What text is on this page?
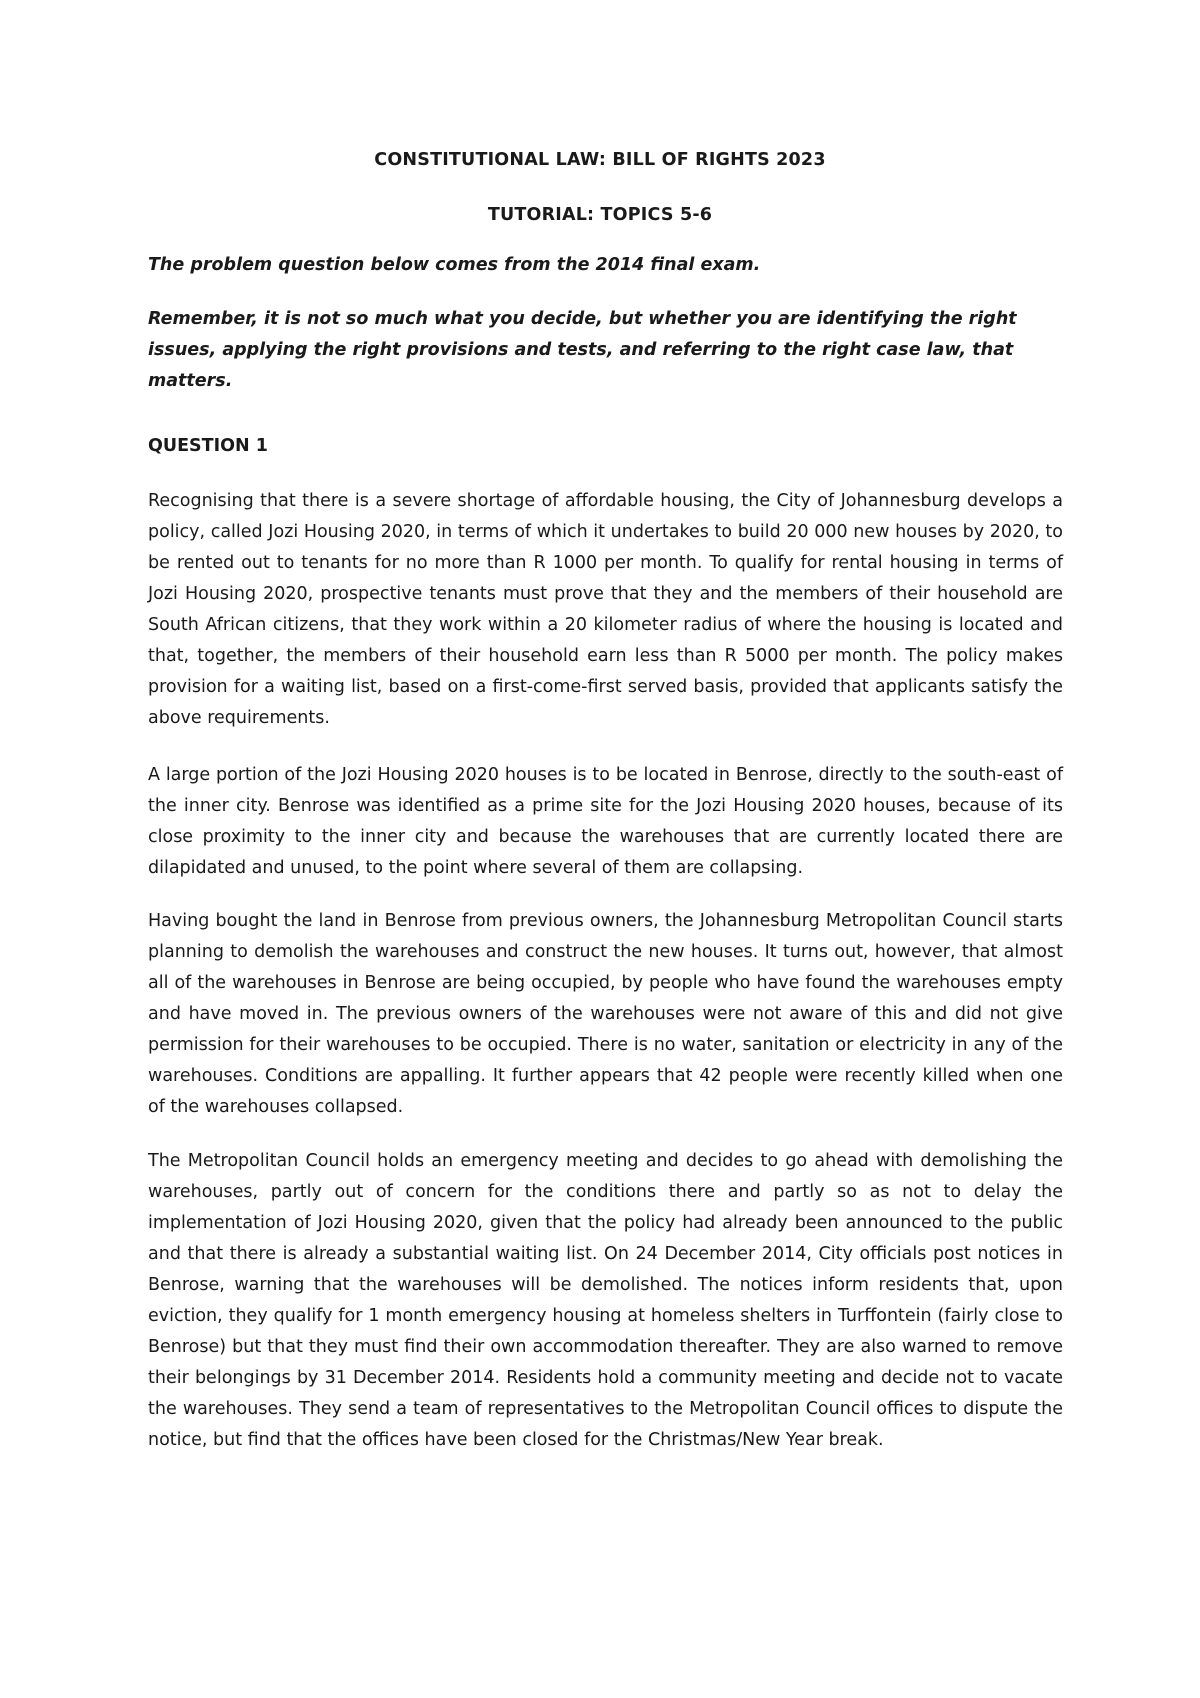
CONSTITUTIONAL LAW: BILL OF RIGHTS 2023

TUTORIAL: TOPICS 5-6

The problem question below comes from the 2014 final exam.

Remember, it is not so much what you decide, but whether you are identifying the right issues, applying the right provisions and tests, and referring to the right case law, that matters.

QUESTION 1

Recognising that there is a severe shortage of affordable housing, the City of Johannesburg develops a policy, called Jozi Housing 2020, in terms of which it undertakes to build 20 000 new houses by 2020, to be rented out to tenants for no more than R 1000 per month. To qualify for rental housing in terms of Jozi Housing 2020, prospective tenants must prove that they and the members of their household are South African citizens, that they work within a 20 kilometer radius of where the housing is located and that, together, the members of their household earn less than R 5000 per month. The policy makes provision for a waiting list, based on a first-come-first served basis, provided that applicants satisfy the above requirements.

A large portion of the Jozi Housing 2020 houses is to be located in Benrose, directly to the south-east of the inner city. Benrose was identified as a prime site for the Jozi Housing 2020 houses, because of its close proximity to the inner city and because the warehouses that are currently located there are dilapidated and unused, to the point where several of them are collapsing.

Having bought the land in Benrose from previous owners, the Johannesburg Metropolitan Council starts planning to demolish the warehouses and construct the new houses. It turns out, however, that almost all of the warehouses in Benrose are being occupied, by people who have found the warehouses empty and have moved in. The previous owners of the warehouses were not aware of this and did not give permission for their warehouses to be occupied. There is no water, sanitation or electricity in any of the warehouses. Conditions are appalling. It further appears that 42 people were recently killed when one of the warehouses collapsed.

The Metropolitan Council holds an emergency meeting and decides to go ahead with demolishing the warehouses, partly out of concern for the conditions there and partly so as not to delay the implementation of Jozi Housing 2020, given that the policy had already been announced to the public and that there is already a substantial waiting list. On 24 December 2014, City officials post notices in Benrose, warning that the warehouses will be demolished. The notices inform residents that, upon eviction, they qualify for 1 month emergency housing at homeless shelters in Turffontein (fairly close to Benrose) but that they must find their own accommodation thereafter. They are also warned to remove their belongings by 31 December 2014. Residents hold a community meeting and decide not to vacate the warehouses. They send a team of representatives to the Metropolitan Council offices to dispute the notice, but find that the offices have been closed for the Christmas/New Year break.
